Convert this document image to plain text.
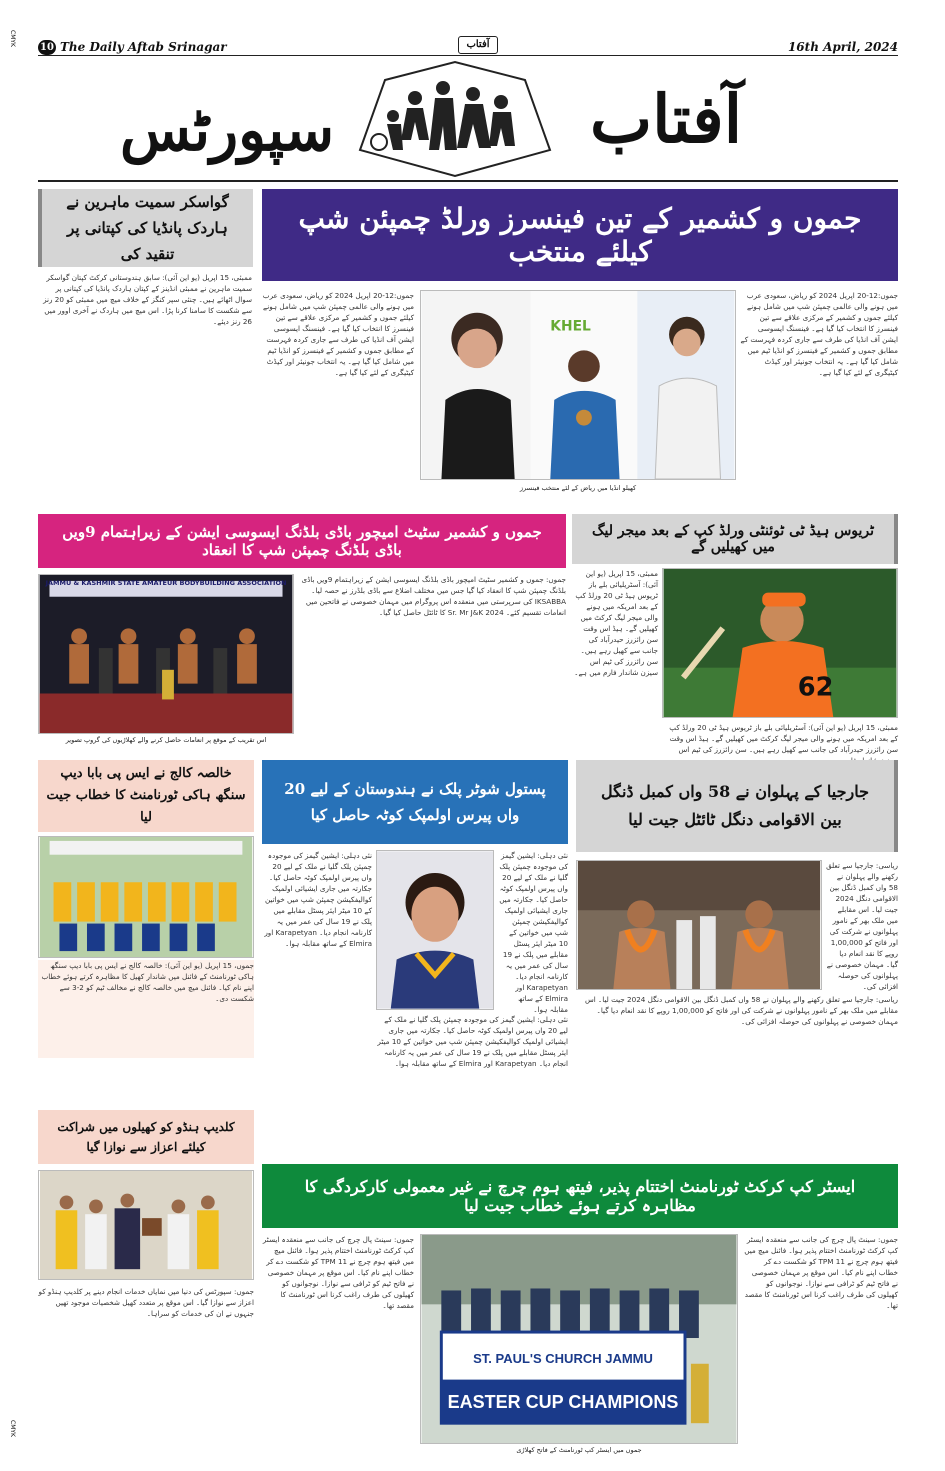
10 The Daily Aftab Srinagar	آفتاب	16th April, 2024
CMYK
سپورٹس	آفتاب
گواسکر سمیت ماہرین نے ہاردک پانڈیا کی کپتانی پر تنقید کی
ممبئی، 15 اپریل (یو این آئی): سابق ہندوستانی کرکٹ کپتان گواسکر سمیت ماہرین نے ممبئی انڈینز کے کپتان ہاردک پانڈیا کی کپتانی پر سوال اٹھائے ہیں۔ چنئی سپر کنگز کے خلاف میچ میں ممبئی کو 20 رنز سے شکست کا سامنا کرنا پڑا۔ اس میچ میں ہاردک نے آخری اوور میں 26 رنز دیئے۔
جموں و کشمیر کے تین فینسرز ورلڈ چمپئن شپ کیلئے منتخب
جموں:12-20 اپریل 2024 کو ریاض، سعودی عرب میں ہونے والی عالمی چمپئن شپ میں شامل ہونے کیلئے جموں و کشمیر کے مرکزی علاقے سے تین فینسرز کا انتخاب کیا گیا ہے۔ فینسنگ ایسوسی ایشن آف انڈیا کی طرف سے جاری کردہ فہرست کے مطابق جموں و کشمیر کے فینسرز کو انڈیا ٹیم میں شامل کیا گیا ہے۔ یہ انتخاب جونیئر اور کیڈٹ کیٹیگری کے لئے کیا گیا ہے۔
جموں:12-20 اپریل 2024 کو ریاض، سعودی عرب میں ہونے والی عالمی چمپئن شپ میں شامل ہونے کیلئے جموں و کشمیر کے مرکزی علاقے سے تین فینسرز کا انتخاب کیا گیا ہے۔ فینسنگ ایسوسی ایشن آف انڈیا کی طرف سے جاری کردہ فہرست کے مطابق جموں و کشمیر کے فینسرز کو انڈیا ٹیم میں شامل کیا گیا ہے۔ یہ انتخاب جونیئر اور کیڈٹ کیٹیگری کے لئے کیا گیا ہے۔
KHEL
کھیلو انڈیا میں ریاض کے لئے منتخب فینسرز
ٹریوس ہیڈ ٹی ٹوئنٹی ورلڈ کپ کے بعد میجر لیگ میں کھیلیں گے
62
ممبئی، 15 اپریل (یو این آئی): آسٹریلیائی بلے باز ٹریوس ہیڈ ٹی 20 ورلڈ کپ کے بعد امریکہ میں ہونے والی میجر لیگ کرکٹ میں کھیلیں گے۔ ہیڈ اس وقت سن رائزرز حیدرآباد کی جانب سے کھیل رہے ہیں۔ سن رائزرز کی ٹیم اس سیزن شاندار فارم میں ہے۔
ممبئی، 15 اپریل (یو این آئی): آسٹریلیائی بلے باز ٹریوس ہیڈ ٹی 20 ورلڈ کپ کے بعد امریکہ میں ہونے والی میجر لیگ کرکٹ میں کھیلیں گے۔ ہیڈ اس وقت سن رائزرز حیدرآباد کی جانب سے کھیل رہے ہیں۔ سن رائزرز کی ٹیم اس
جموں و کشمیر سٹیٹ امیچور باڈی بلڈنگ ایسوسی ایشن کے زیراہتمام 9ویں باڈی بلڈنگ چمپئن شپ کا انعقاد
JAMMU & KASHMIR STATE AMATEUR BODYBUILDING ASSOCIATION
اس تقریب کے موقع پر انعامات حاصل کرنے والے کھلاڑیوں کی گروپ تصویر
جموں: جموں و کشمیر سٹیٹ امیچور باڈی بلڈنگ ایسوسی ایشن کے زیراہتمام 9ویں باڈی بلڈنگ چمپئن شپ کا انعقاد کیا گیا جس میں مختلف اضلاع سے باڈی بلڈرز نے حصہ لیا۔ IKSABBA کی سرپرستی میں منعقدہ اس پروگرام میں مہمان خصوصی نے فاتحین میں انعامات تقسیم کئے۔ Sr. Mr J&K 2024 کا ٹائٹل حاصل کیا گیا۔
خالصہ کالج نے ایس پی بابا دیپ سنگھ ہاکی ٹورنامنٹ کا خطاب جیت لیا
جموں، 15 اپریل (یو این آئی): خالصہ کالج نے ایس پی بابا دیپ سنگھ ہاکی ٹورنامنٹ کے فائنل میں شاندار کھیل کا مظاہرہ کرتے ہوئے خطاب اپنے نام کیا۔ فائنل میچ میں خالصہ کالج نے مخالف ٹیم کو 2-3 سے شکست دی۔
کلدیپ ہنڈو کو کھیلوں میں شراکت کیلئے اعزاز سے نوازا گیا
جموں: سپورٹس کی دنیا میں نمایاں خدمات انجام دینے پر کلدیپ ہنڈو کو اعزاز سے نوازا گیا۔ اس موقع پر متعدد کھیل شخصیات موجود تھیں جنہوں نے ان کی خدمات کو سراہا۔
پستول شوٹر پلک نے ہندوستان کے لیے 20 واں پیرس اولمپک کوٹہ حاصل کیا
نئی دہلی: ایشین گیمز کی موجودہ چمپئن پلک گلیا نے ملک کے لیے 20 واں پیرس اولمپک کوٹہ حاصل کیا۔ جکارتہ میں جاری ایشیائی اولمپک کوالیفکیشن چمپئن شپ میں خواتین کے 10 میٹر ایئر پسٹل مقابلے میں پلک نے 19 سال کی عمر میں یہ کارنامہ انجام دیا۔ Karapetyan اور Elmira کے ساتھ مقابلہ ہوا۔
نئی دہلی: ایشین گیمز کی موجودہ چمپئن پلک گلیا نے ملک کے لیے 20 واں پیرس اولمپک کوٹہ حاصل کیا۔ جکارتہ میں جاری ایشیائی اولمپک کوالیفکیشن چمپئن شپ میں خواتین کے 10 میٹر ایئر پسٹل مقابلے میں پلک نے 19 سال کی عمر میں یہ کارنامہ انجام دیا۔ Karapetyan اور Elmira کے ساتھ مقابلہ ہوا۔
نئی دہلی: ایشین گیمز کی موجودہ چمپئن پلک گلیا نے ملک کے لیے 20 واں پیرس اولمپک کوٹہ حاصل کیا۔ جکارتہ میں جاری ایشیائی اولمپک کوالیفکیشن چمپئن شپ میں خواتین کے 10 میٹر ایئر پسٹل مقابلے میں پلک نے 19 سال کی عمر میں یہ کارنامہ انجام دیا۔ Karapetyan اور Elmira کے ساتھ مقابلہ ہوا۔
جارجیا کے پہلوان نے 58 واں کمبل ڈنگل بین الاقوامی دنگل ٹائٹل جیت لیا
ریاسی: جارجیا سے تعلق رکھنے والے پہلوان نے 58 واں کمبل ڈنگل بین الاقوامی دنگل 2024 جیت لیا۔ اس مقابلے میں ملک بھر کے نامور پہلوانوں نے شرکت کی اور فاتح کو 1,00,000 روپے کا نقد انعام دیا گیا۔ مہمان خصوصی نے پہلوانوں کی حوصلہ افزائی کی۔
ریاسی: جارجیا سے تعلق رکھنے والے پہلوان نے 58 واں کمبل ڈنگل بین الاقوامی دنگل 2024 جیت لیا۔ اس مقابلے میں ملک بھر کے نامور پہلوانوں نے شرکت کی اور فاتح کو 1,00,000 روپے کا نقد انعام دیا گیا۔ مہمان خصوصی نے پہلوانوں کی حوصلہ افزائی کی۔
ایسٹر کپ کرکٹ ٹورنامنٹ اختتام پذیر، فیتھ ہوم چرچ نے غیر معمولی کارکردگی کا مظاہرہ کرتے ہوئے خطاب جیت لیا
ST. PAUL'S CHURCH JAMMU
EASTER CUP CHAMPIONS
جموں میں ایسٹر کپ ٹورنامنٹ کے فاتح کھلاڑی
جموں: سینٹ پال چرچ کی جانب سے منعقدہ ایسٹر کپ کرکٹ ٹورنامنٹ اختتام پذیر ہوا۔ فائنل میچ میں فیتھ ہوم چرچ نے TPM 11 کو شکست دے کر خطاب اپنے نام کیا۔ اس موقع پر مہمان خصوصی نے فاتح ٹیم کو ٹرافی سے نوازا۔ نوجوانوں کو کھیلوں کی طرف راغب کرنا اس ٹورنامنٹ کا مقصد تھا۔
جموں: سینٹ پال چرچ کی جانب سے منعقدہ ایسٹر کپ کرکٹ ٹورنامنٹ اختتام پذیر ہوا۔ فائنل میچ میں فیتھ ہوم چرچ نے TPM 11 کو شکست دے کر خطاب اپنے نام کیا۔ اس موقع پر مہمان خصوصی نے فاتح ٹیم کو ٹرافی سے نوازا۔ نوجوانوں کو کھیلوں کی طرف راغب کرنا اس ٹورنامنٹ کا مقصد تھا۔
CMYK
